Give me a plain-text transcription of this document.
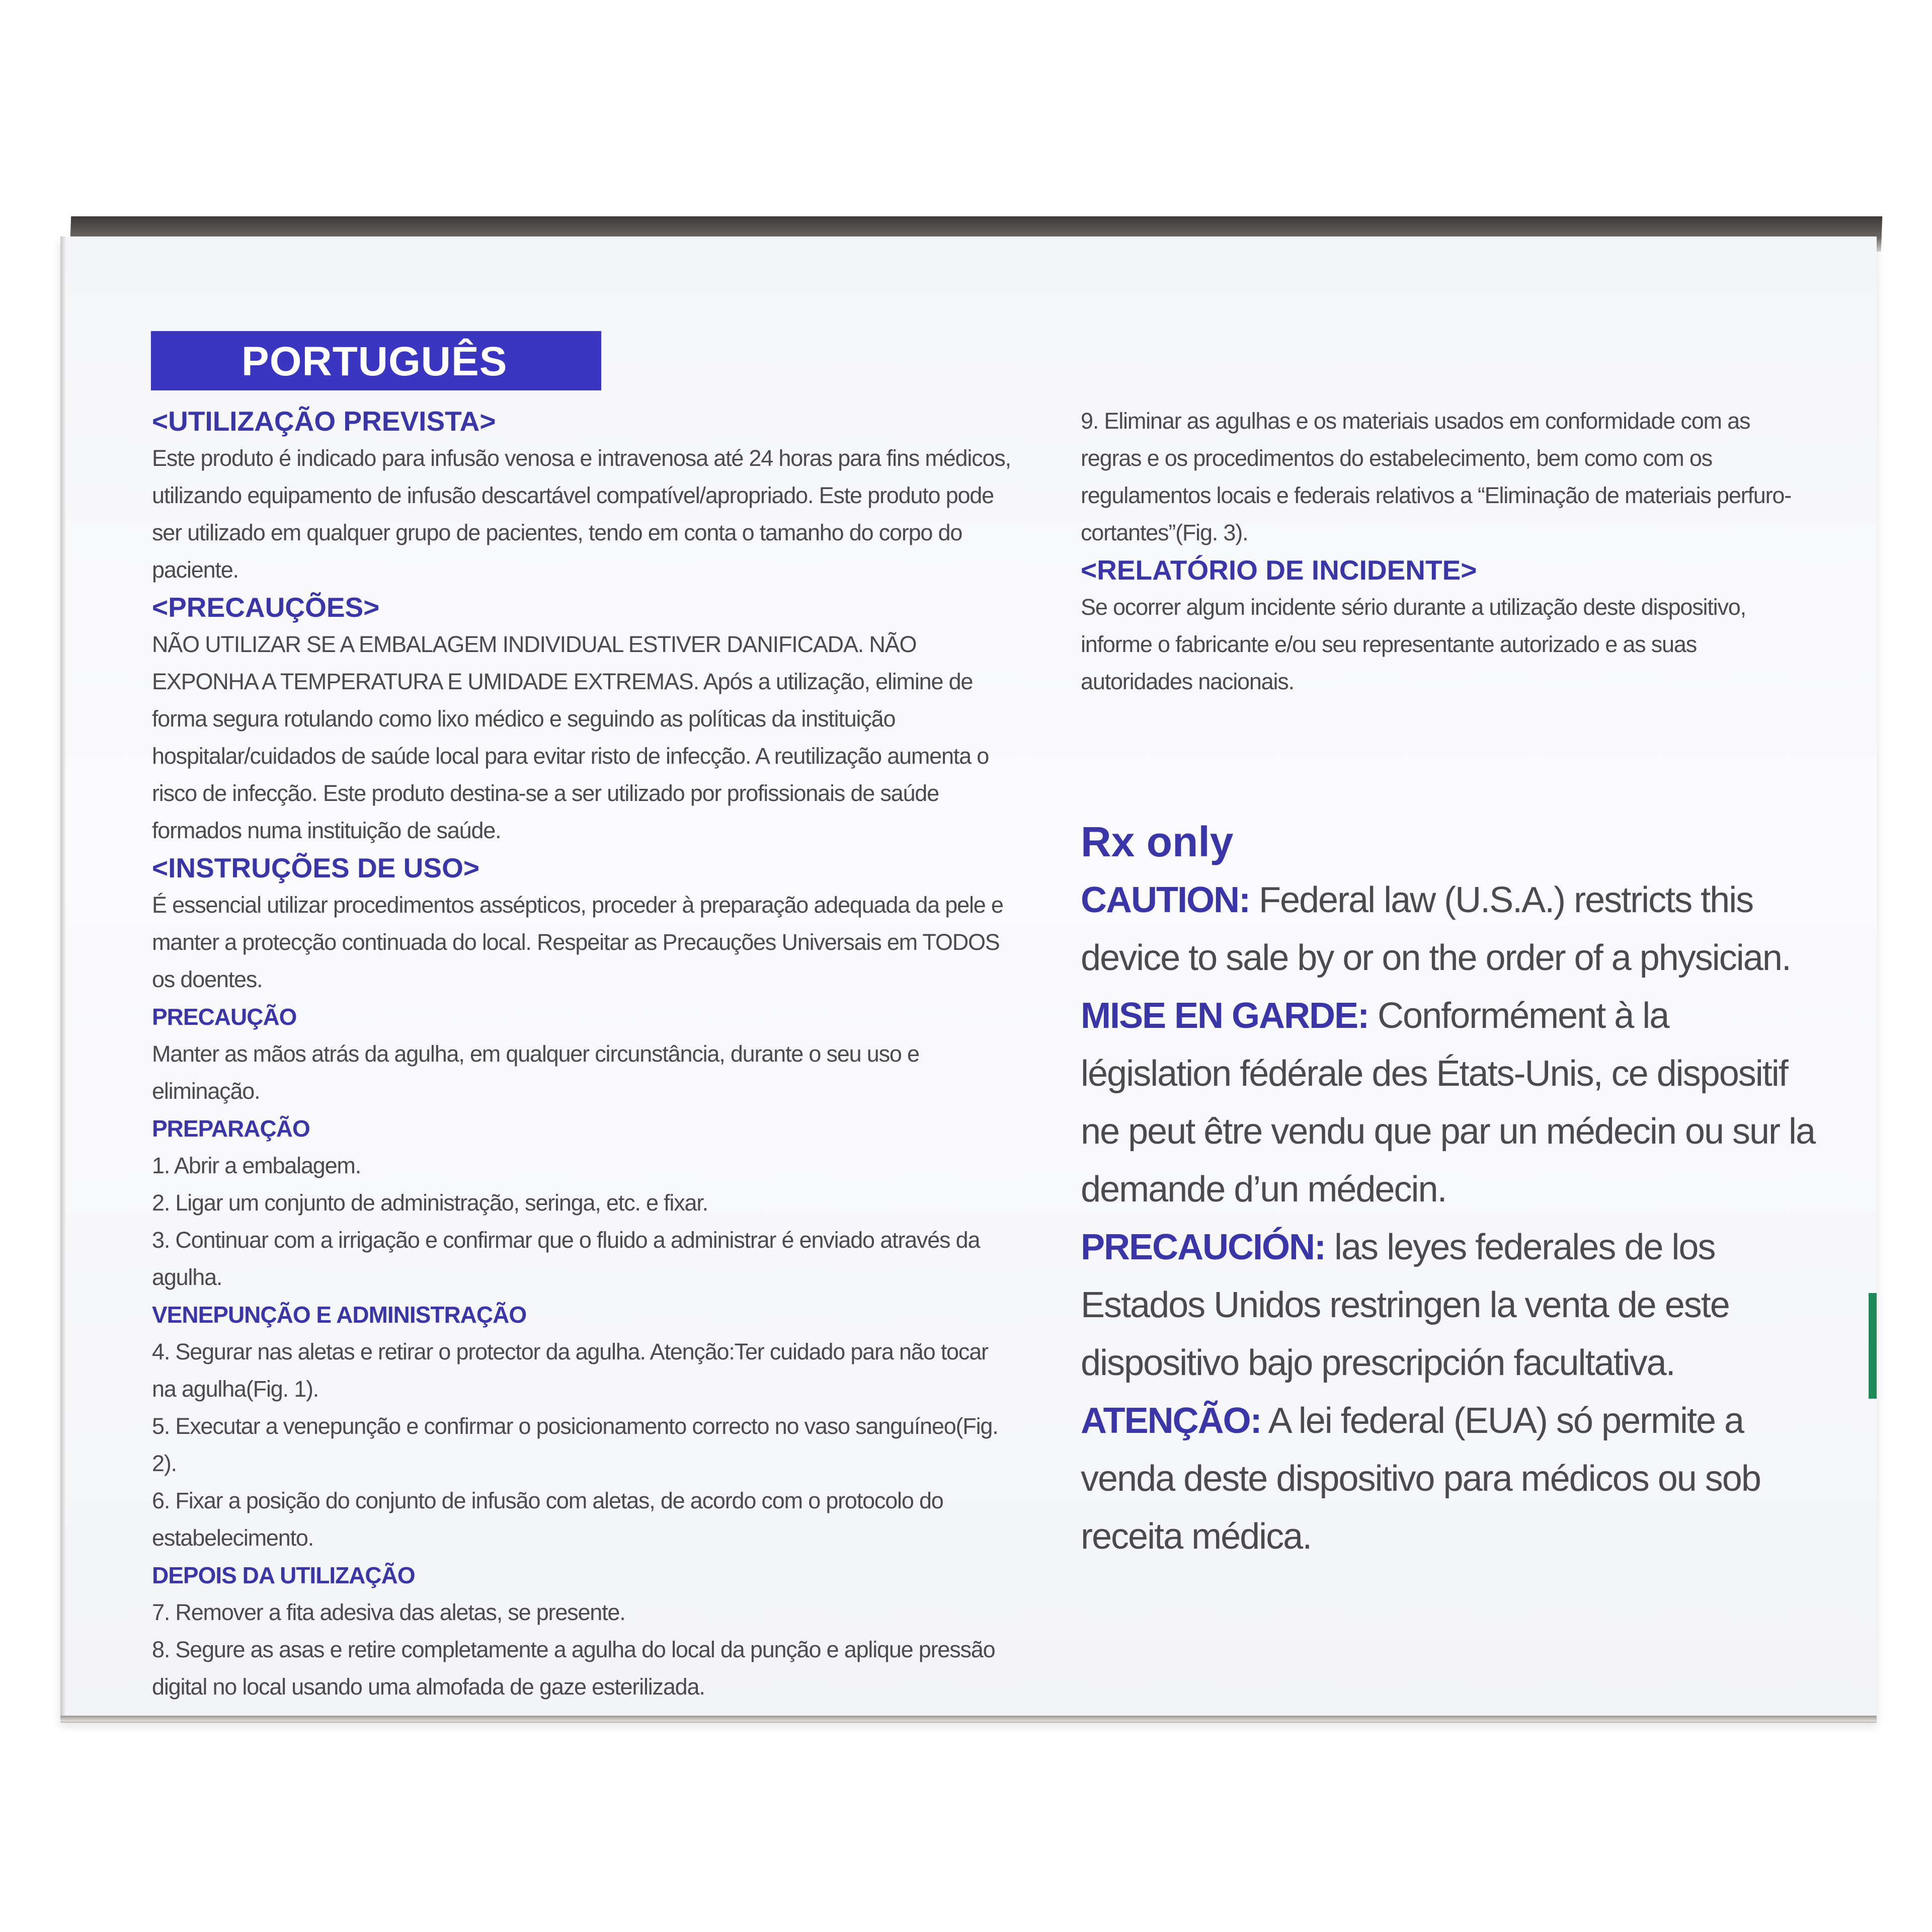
PORTUGUÊS

<UTILIZAÇÃO PREVISTA>

Este produto é indicado para infusão venosa e intravenosa até 24 horas para fins médicos, utilizando equipamento de infusão descartável compatível/apropriado. Este produto pode ser utilizado em qualquer grupo de pacientes, tendo em conta o tamanho do corpo do paciente.

<PRECAUÇÕES>

NÃO UTILIZAR SE A EMBALAGEM INDIVIDUAL ESTIVER DANIFICADA. NÃO EXPONHA A TEMPERATURA E UMIDADE EXTREMAS. Após a utilização, elimine de forma segura rotulando como lixo médico e seguindo as políticas da instituição hospitalar/cuidados de saúde local para evitar risto de infecção. A reutilização aumenta o risco de infecção. Este produto destina-se a ser utilizado por profissionais de saúde formados numa instituição de saúde.

<INSTRUÇÕES DE USO>

É essencial utilizar procedimentos assépticos, proceder à preparação adequada da pele e manter a protecção continuada do local. Respeitar as Precauções Universais em TODOS os doentes.

PRECAUÇÃO

Manter as mãos atrás da agulha, em qualquer circunstância, durante o seu uso e eliminação.

PREPARAÇÃO

1. Abrir a embalagem.

2. Ligar um conjunto de administração, seringa, etc. e fixar.

3. Continuar com a irrigação e confirmar que o fluido a administrar é enviado através da agulha.

VENEPUNÇÃO E ADMINISTRAÇÃO

4. Segurar nas aletas e retirar o protector da agulha. Atenção:Ter cuidado para não tocar na agulha(Fig. 1).

5. Executar a venepunção e confirmar o posicionamento correcto no vaso sanguíneo(Fig. 2).

6. Fixar a posição do conjunto de infusão com aletas, de acordo com o protocolo do estabelecimento.

DEPOIS DA UTILIZAÇÃO

7. Remover a fita adesiva das aletas, se presente.

8. Segure as asas e retire completamente a agulha do local da punção e aplique pressão digital no local usando uma almofada de gaze esterilizada.

9. Eliminar as agulhas e os materiais usados em conformidade com as regras e os procedimentos do estabelecimento, bem como com os regulamentos locais e federais relativos a “Eliminação de materiais perfuro-cortantes”(Fig. 3).

<RELATÓRIO DE INCIDENTE>

Se ocorrer algum incidente sério durante a utilização deste dispositivo, informe o fabricante e/ou seu representante autorizado e as suas autoridades nacionais.

Rx only

CAUTION: Federal law (U.S.A.) restricts this device to sale by or on the order of a physician.

MISE EN GARDE: Conformément à la législation fédérale des États-Unis, ce dispositif ne peut être vendu que par un médecin ou sur la demande d’un médecin.

PRECAUCIÓN: las leyes federales de los Estados Unidos restringen la venta de este dispositivo bajo prescripción facultativa.

ATENÇÃO: A lei federal (EUA) só permite a venda deste dispositivo para médicos ou sob receita médica.
